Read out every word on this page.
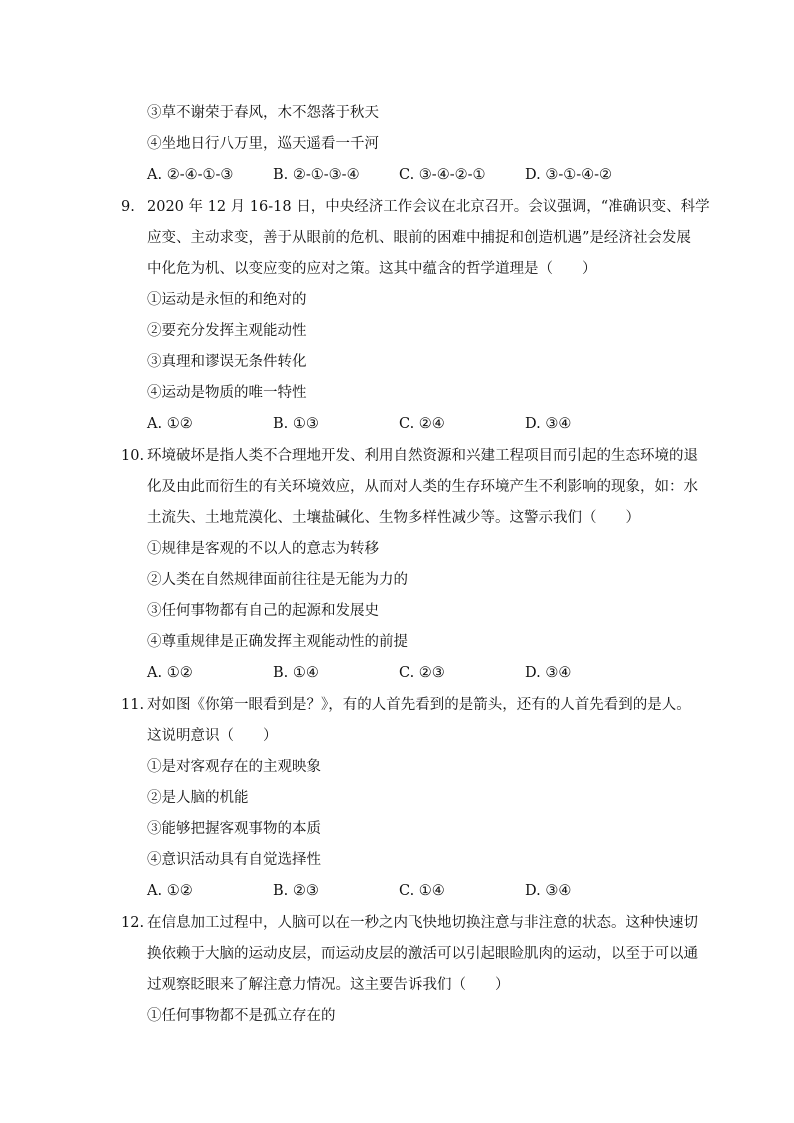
③草不谢荣于春风，木不怨落于秋天
④坐地日行八万里，巡天遥看一千河
A. ②-④-①-③	B. ②-①-③-④	C. ③-④-②-①	D. ③-①-④-②
9. 2020 年 12 月 16-18 日，中央经济工作会议在北京召开。会议强调，“准确识变、科学
应变、主动求变，善于从眼前的危机、眼前的困难中捕捉和创造机遇”是经济社会发展
中化危为机、以变应变的应对之策。这其中蕴含的哲学道理是（　　）
①运动是永恒的和绝对的
②要充分发挥主观能动性
③真理和谬误无条件转化
④运动是物质的唯一特性
A. ①②	B. ①③	C. ②④	D. ③④
10. 环境破坏是指人类不合理地开发、利用自然资源和兴建工程项目而引起的生态环境的退
化及由此而衍生的有关环境效应，从而对人类的生存环境产生不利影响的现象，如：水
土流失、土地荒漠化、土壤盐碱化、生物多样性减少等。这警示我们（　　）
①规律是客观的不以人的意志为转移
②人类在自然规律面前往往是无能为力的
③任何事物都有自己的起源和发展史
④尊重规律是正确发挥主观能动性的前提
A. ①②	B. ①④	C. ②③	D. ③④
11. 对如图《你第一眼看到是？》，有的人首先看到的是箭头，还有的人首先看到的是人。
这说明意识（　　）
①是对客观存在的主观映象
②是人脑的机能
③能够把握客观事物的本质
④意识活动具有自觉选择性
A. ①②	B. ②③	C. ①④	D. ③④
12. 在信息加工过程中，人脑可以在一秒之内飞快地切换注意与非注意的状态。这种快速切
换依赖于大脑的运动皮层，而运动皮层的激活可以引起眼睑肌肉的运动，以至于可以通
过观察眨眼来了解注意力情况。这主要告诉我们（　　）
①任何事物都不是孤立存在的
